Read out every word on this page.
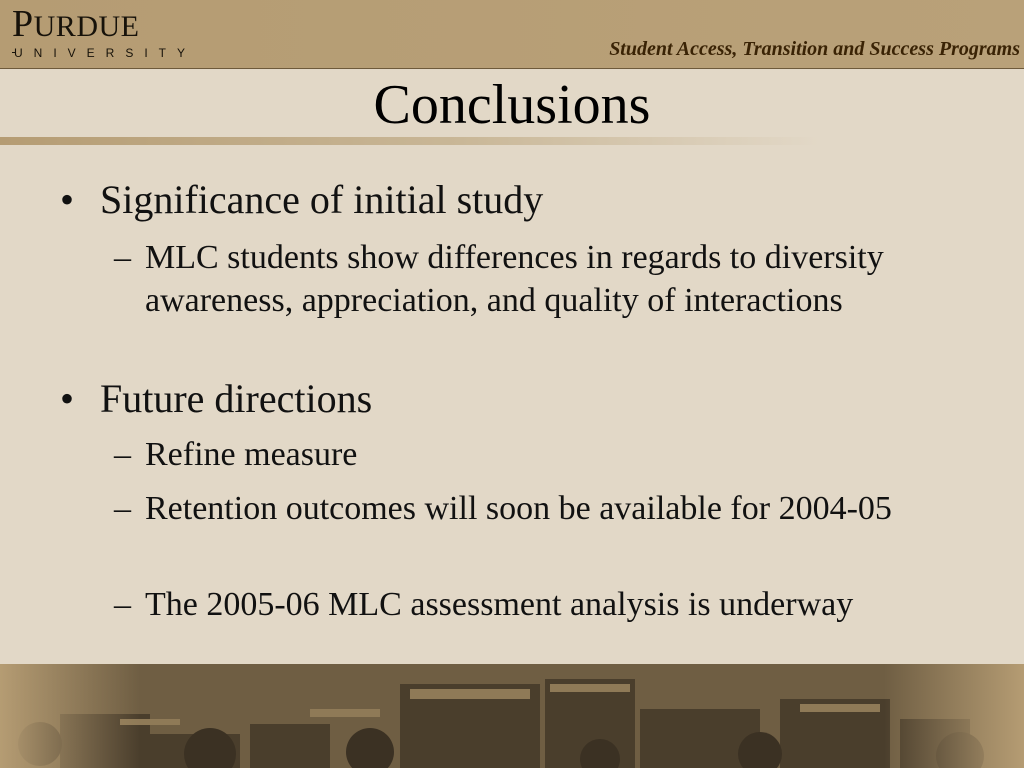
PURDUE
UNIVERSITY	Student Access, Transition and Success Programs
Conclusions
• Significance of initial study
– MLC students show differences in regards to diversity awareness, appreciation, and quality of interactions
• Future directions
– Refine measure
– Retention outcomes will soon be available for 2004-05
– The 2005-06 MLC assessment analysis is underway
